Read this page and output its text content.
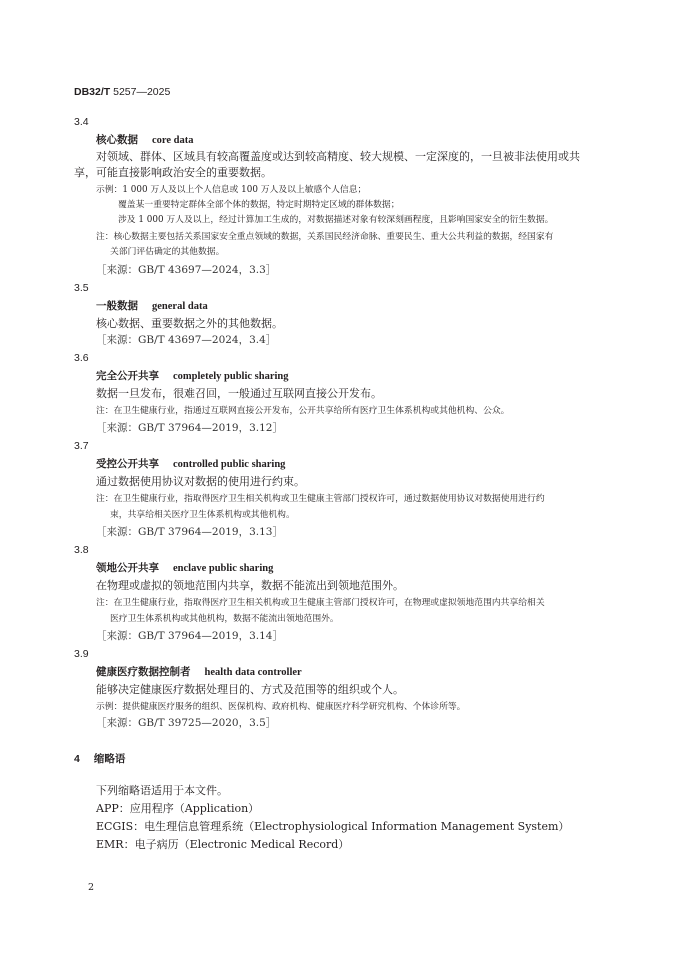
DB32/T 5257—2025
3.4
核心数据 core data
对领域、群体、区域具有较高覆盖度或达到较高精度、较大规模、一定深度的，一旦被非法使用或共
享，可能直接影响政治安全的重要数据。
示例：1 000 万人及以上个人信息或 100 万人及以上敏感个人信息；
覆盖某一重要特定群体全部个体的数据，特定时期特定区域的群体数据；
涉及 1 000 万人及以上，经过计算加工生成的，对数据描述对象有较深刻画程度，且影响国家安全的衍生数据。
注：核心数据主要包括关系国家安全重点领域的数据，关系国民经济命脉、重要民生、重大公共利益的数据，经国家有
关部门评估确定的其他数据。
［来源：GB/T 43697—2024，3.3］
3.5
一般数据 general data
核心数据、重要数据之外的其他数据。
［来源：GB/T 43697—2024，3.4］
3.6
完全公开共享 completely public sharing
数据一旦发布，很难召回，一般通过互联网直接公开发布。
注：在卫生健康行业，指通过互联网直接公开发布，公开共享给所有医疗卫生体系机构或其他机构、公众。
［来源：GB/T 37964—2019，3.12］
3.7
受控公开共享 controlled public sharing
通过数据使用协议对数据的使用进行约束。
注：在卫生健康行业，指取得医疗卫生相关机构或卫生健康主管部门授权许可，通过数据使用协议对数据使用进行约
束，共享给相关医疗卫生体系机构或其他机构。
［来源：GB/T 37964—2019，3.13］
3.8
领地公开共享 enclave public sharing
在物理或虚拟的领地范围内共享，数据不能流出到领地范围外。
注：在卫生健康行业，指取得医疗卫生相关机构或卫生健康主管部门授权许可，在物理或虚拟领地范围内共享给相关
医疗卫生体系机构或其他机构，数据不能流出领地范围外。
［来源：GB/T 37964—2019，3.14］
3.9
健康医疗数据控制者 health data controller
能够决定健康医疗数据处理目的、方式及范围等的组织或个人。
示例：提供健康医疗服务的组织、医保机构、政府机构、健康医疗科学研究机构、个体诊所等。
［来源：GB/T 39725—2020，3.5］
4 缩略语
下列缩略语适用于本文件。
APP：应用程序（Application）
ECGIS：电生理信息管理系统（Electrophysiological Information Management System）
EMR：电子病历（Electronic Medical Record）
2
